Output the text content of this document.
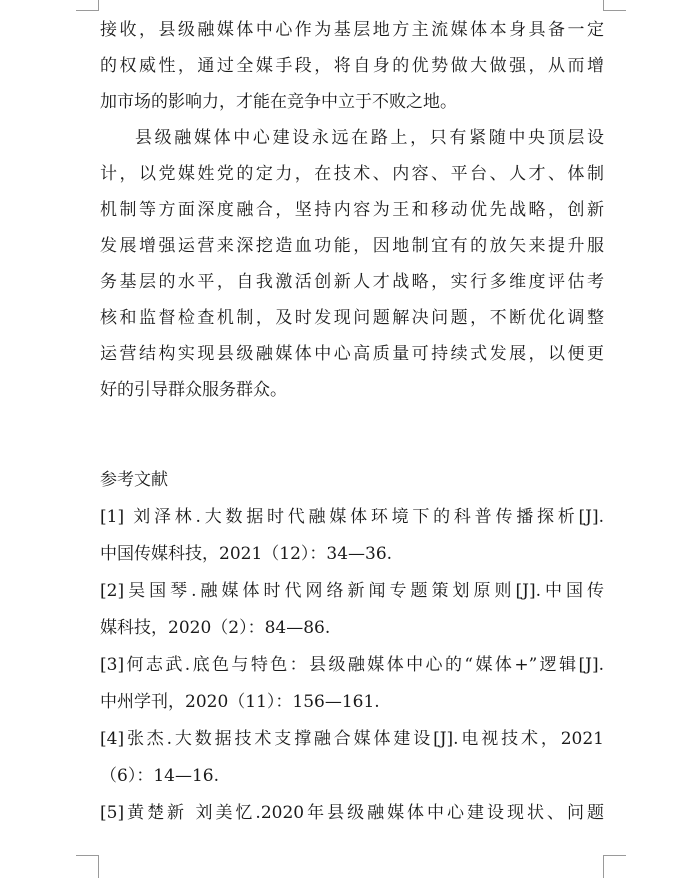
接收，县级融媒体中心作为基层地方主流媒体本身具备一定
的权威性，通过全媒手段，将自身的优势做大做强，从而增
加市场的影响力，才能在竞争中立于不败之地。
县级融媒体中心建设永远在路上，只有紧随中央顶层设
计，以党媒姓党的定力，在技术、内容、平台、人才、体制
机制等方面深度融合，坚持内容为王和移动优先战略，创新
发展增强运营来深挖造血功能，因地制宜有的放矢来提升服
务基层的水平，自我激活创新人才战略，实行多维度评估考
核和监督检查机制，及时发现问题解决问题，不断优化调整
运营结构实现县级融媒体中心高质量可持续式发展，以便更
好的引导群众服务群众。
参考文献
[1] 刘泽林.大数据时代融媒体环境下的科普传播探析[J].
中国传媒科技，2021（12）：34—36.
[2]吴国琴.融媒体时代网络新闻专题策划原则[J].中国传
媒科技，2020（2）：84—86.
[3]何志武.底色与特色：县级融媒体中心的“媒体+”逻辑[J].
中州学刊，2020（11）：156—161.
[4]张杰.大数据技术支撑融合媒体建设[J].电视技术，2021
（6）：14—16.
[5]黄楚新 刘美忆.2020年县级融媒体中心建设现状、问题
